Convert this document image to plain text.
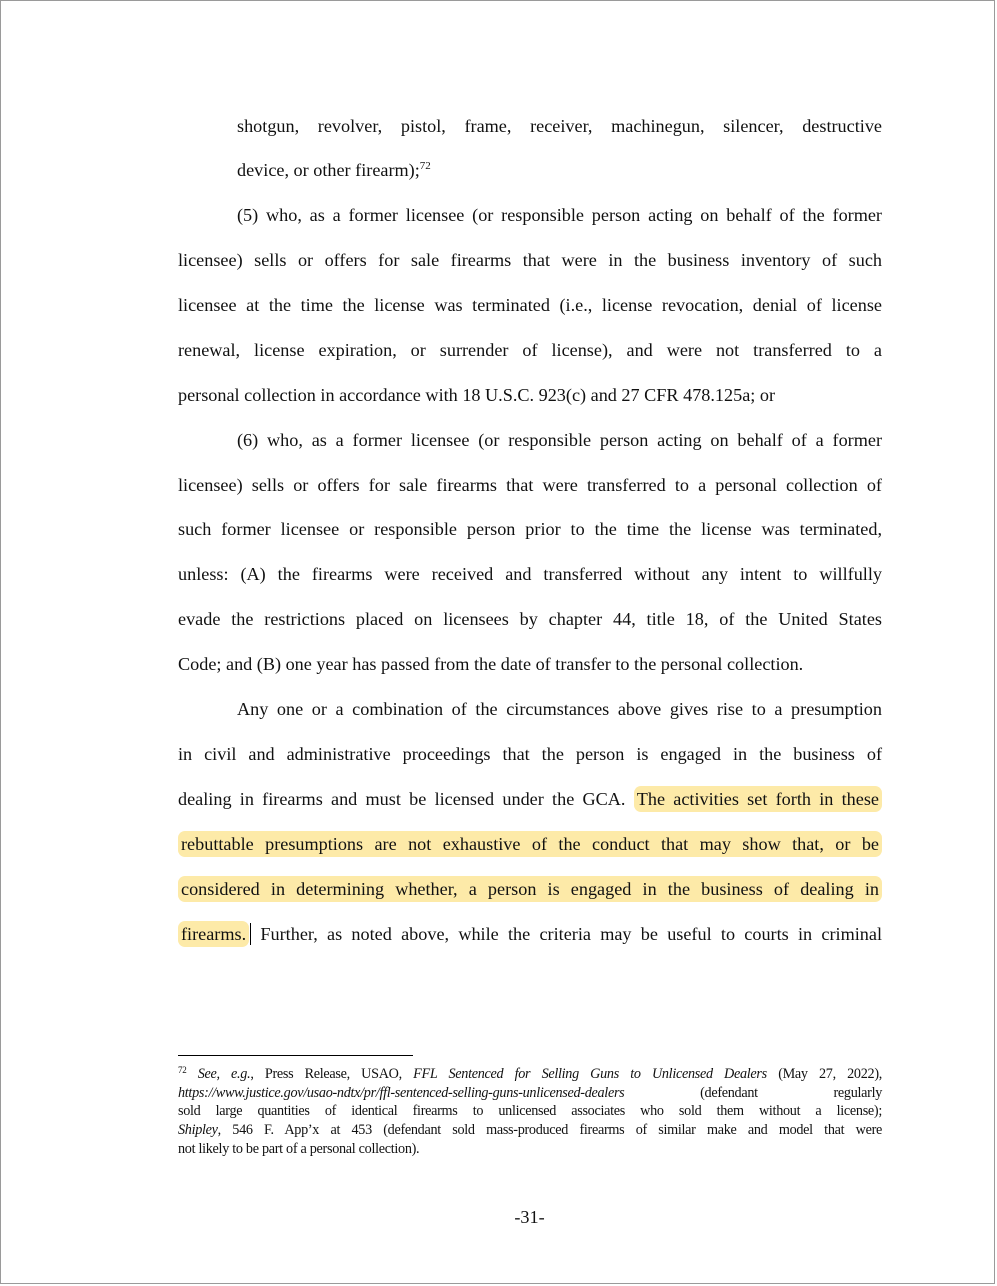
shotgun, revolver, pistol, frame, receiver, machinegun, silencer, destructive
device, or other firearm);$^{72}$
(5) who, as a former licensee (or responsible person acting on behalf of the former
licensee) sells or offers for sale firearms that were in the business inventory of such
licensee at the time the license was terminated (i.e., license revocation, denial of license
renewal, license expiration, or surrender of license), and were not transferred to a
personal collection in accordance with 18 U.S.C. 923(c) and 27 CFR 478.125a; or
(6) who, as a former licensee (or responsible person acting on behalf of a former
licensee) sells or offers for sale firearms that were transferred to a personal collection of
such former licensee or responsible person prior to the time the license was terminated,
unless: (A) the firearms were received and transferred without any intent to willfully
evade the restrictions placed on licensees by chapter 44, title 18, of the United States
Code; and (B) one year has passed from the date of transfer to the personal collection.
Any one or a combination of the circumstances above gives rise to a presumption
in civil and administrative proceedings that the person is engaged in the business of
dealing in firearms and must be licensed under the GCA. The activities set forth in these
rebuttable presumptions are not exhaustive of the conduct that may show that, or be
considered in determining whether, a person is engaged in the business of dealing in
firearms. Further, as noted above, while the criteria may be useful to courts in criminal
$^{72}$ See, e.g., Press Release, USAO, FFL Sentenced for Selling Guns to Unlicensed Dealers (May 27, 2022),
https://www.justice.gov/usao-ndtx/pr/ffl-sentenced-selling-guns-unlicensed-dealers	(defendant regularly
sold large quantities of identical firearms to unlicensed associates who sold them without a license);
Shipley, 546 F. App’x at 453 (defendant sold mass-produced firearms of similar make and model that were
not likely to be part of a personal collection).
-31-
